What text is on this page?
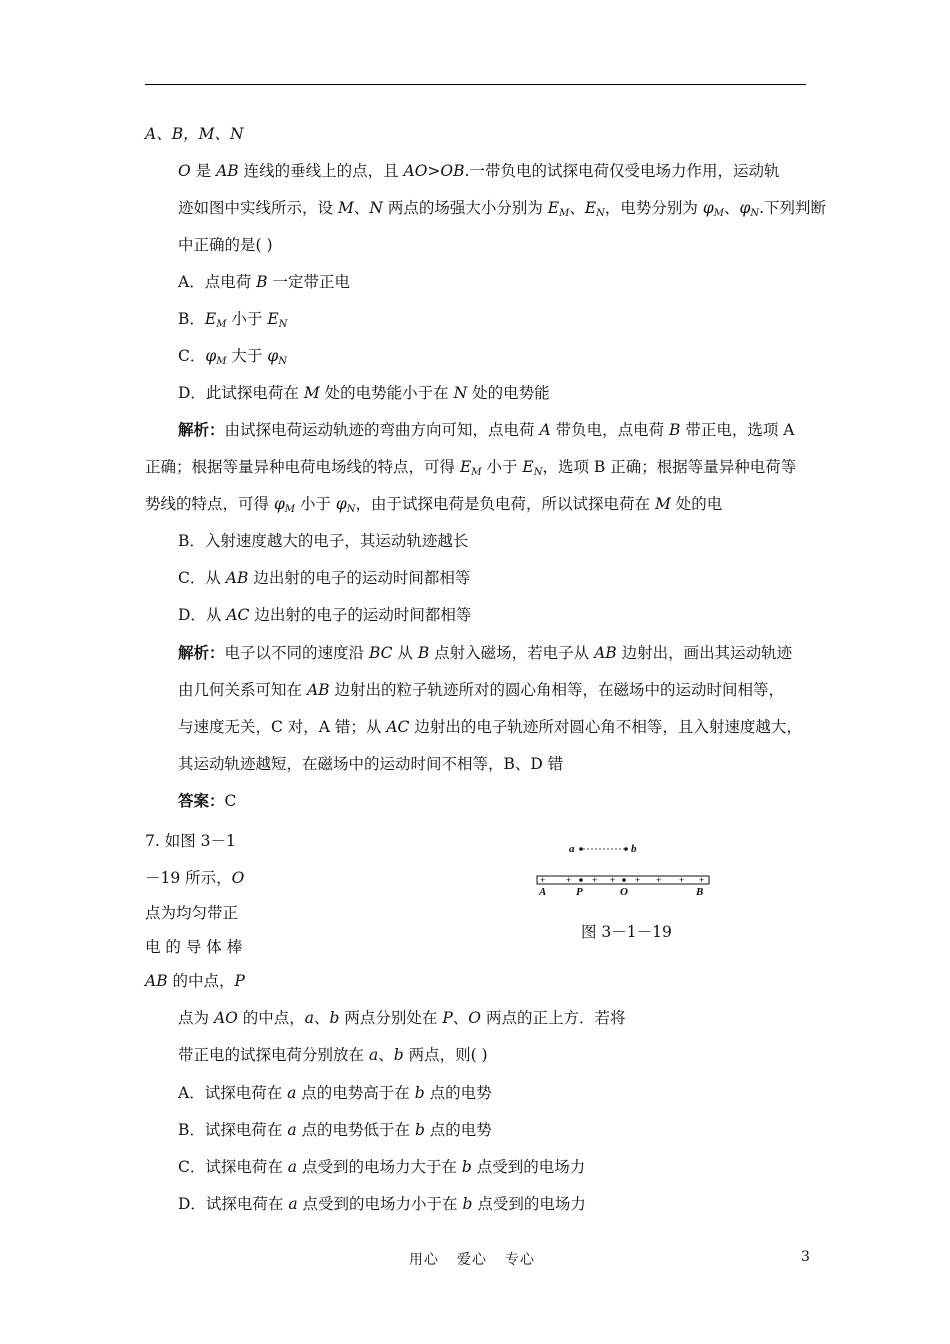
A、B，M、N
O 是 AB 连线的垂线上的点，且 AO>OB.一带负电的试探电荷仅受电场力作用，运动轨
迹如图中实线所示，设 M、N 两点的场强大小分别为 $E_M$、$E_N$，电势分别为 $\varphi_M$、$\varphi_N$.下列判断
中正确的是( )
A．点电荷 B 一定带正电
B．$E_M$ 小于 $E_N$
C．$\varphi_M$ 大于 $\varphi_N$
D．此试探电荷在 M 处的电势能小于在 N 处的电势能
解析：由试探电荷运动轨迹的弯曲方向可知，点电荷 A 带负电，点电荷 B 带正电，选项 A
正确；根据等量异种电荷电场线的特点，可得 $E_M$ 小于 $E_N$，选项 B 正确；根据等量异种电荷等
势线的特点，可得 $\varphi_M$ 小于 $\varphi_N$，由于试探电荷是负电荷，所以试探电荷在 M 处的电
B．入射速度越大的电子，其运动轨迹越长
C．从 AB 边出射的电子的运动时间都相等
D．从 AC 边出射的电子的运动时间都相等
解析：电子以不同的速度沿 BC 从 B 点射入磁场，若电子从 AB 边射出，画出其运动轨迹
由几何关系可知在 AB 边射出的粒子轨迹所对的圆心角相等，在磁场中的运动时间相等，
与速度无关，C 对，A 错；从 AC 边射出的电子轨迹所对圆心角不相等，且入射速度越大，
其运动轨迹越短，在磁场中的运动时间不相等，B、D 错
答案：C
7. 如图 3－1
－19 所示，O
点为均匀带正
电 的 导 体 棒
AB 的中点，P
点为 AO 的中点，a、b 两点分别处在 P、O 两点的正上方．若将
带正电的试探电荷分别放在 a、b 两点，则( )
A．试探电荷在 a 点的电势高于在 b 点的电势
B．试探电荷在 a 点的电势低于在 b 点的电势
C．试探电荷在 a 点受到的电场力大于在 b 点受到的电场力
D．试探电荷在 a 点受到的电场力小于在 b 点受到的电场力
a	b
A	P	O	B
+ + + + + + + +
图 3－1－19
用心 爱心 专心	3
